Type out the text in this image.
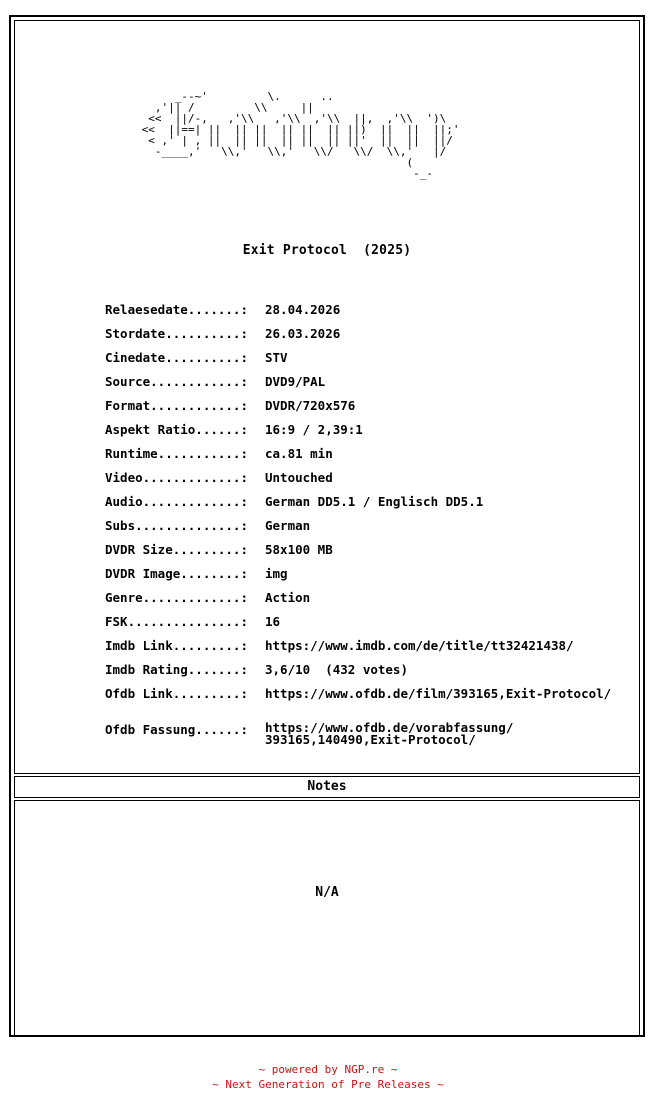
_--~'         \.      ..
,'|| /         \\     ||
<<  ||/-,   ,'\\   ,'\\  ,'\\  ||,  ,'\\  ')\
<<  ||==| ||  || ||  || ||  || ||)  ||  ||  ||;'
< ,' | , ||  || ||  || ||  || ||'  ||  ||  ||/
-____,'   \\,'   \\,'   \\/   \\/  \\,'   |/
(
-_-
Exit Protocol  (2025)
Relaesedate.......:	28.04.2026
Stordate..........:	26.03.2026
Cinedate..........:	STV
Source............:	DVD9/PAL
Format............:	DVDR/720x576
Aspekt Ratio......:	16:9 / 2,39:1
Runtime...........:	ca.81 min
Video.............:	Untouched
Audio.............:	German DD5.1 / Englisch DD5.1
Subs..............:	German
DVDR Size.........:	58x100 MB
DVDR Image........:	img
Genre.............:	Action
FSK...............:	16
Imdb Link.........:	https://www.imdb.com/de/title/tt32421438/
Imdb Rating.......:	3,6/10  (432 votes)
Ofdb Link.........:	https://www.ofdb.de/film/393165,Exit-Protocol/
Ofdb Fassung......:	https://www.ofdb.de/vorabfassung/
393165,140490,Exit-Protocol/
Notes
N/A
~ powered by NGP.re ~
~ Next Generation of Pre Releases ~
